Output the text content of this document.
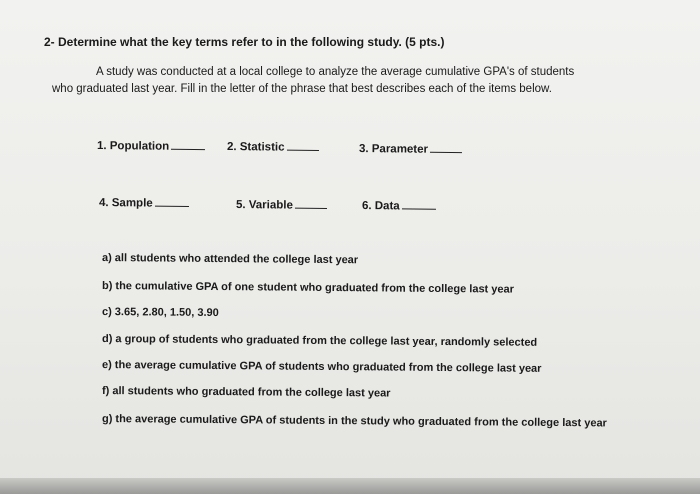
2- Determine what the key terms refer to in the following study. (5 pts.)
A study was conducted at a local college to analyze the average cumulative GPA's of students
who graduated last year. Fill in the letter of the phrase that best describes each of the items below.
1. Population	2. Statistic	3. Parameter
4. Sample	5. Variable	6. Data
a) all students who attended the college last year
b) the cumulative GPA of one student who graduated from the college last year
c) 3.65, 2.80, 1.50, 3.90
d) a group of students who graduated from the college last year, randomly selected
e) the average cumulative GPA of students who graduated from the college last year
f) all students who graduated from the college last year
g) the average cumulative GPA of students in the study who graduated from the college last year
